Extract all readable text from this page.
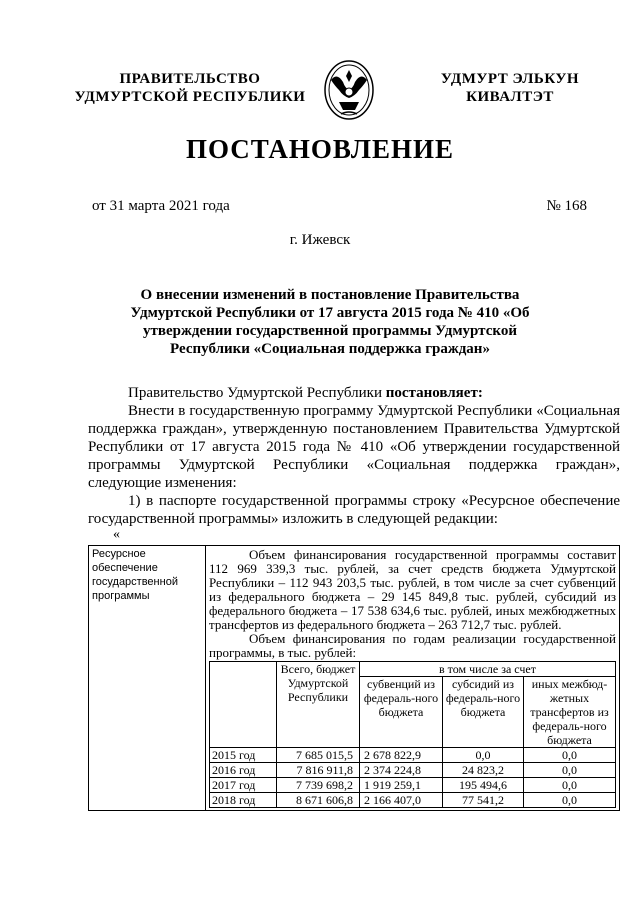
ПРАВИТЕЛЬСТВО
УДМУРТСКОЙ РЕСПУБЛИКИ
УДМУРТ ЭЛЬКУН
КИВАЛТЭТ
ПОСТАНОВЛЕНИЕ
от 31 марта 2021 года	№ 168
г. Ижевск
О внесении изменений в постановление Правительства Удмуртской Республики от 17 августа 2015 года № 410 «Об утверждении государственной программы Удмуртской Республики «Социальная поддержка граждан»

Правительство Удмуртской Республики постановляет:

Внести в государственную программу Удмуртской Республики «Социальная поддержка граждан», утвержденную постановлением Правительства Удмуртской Республики от 17 августа 2015 года № 410 «Об утверждении государственной программы Удмуртской Республики «Социальная поддержка граждан», следующие изменения:

1) в паспорте государственной программы строку «Ресурсное обеспечение государственной программы» изложить в следующей редакции:

«
Ресурсное обеспечение государственной программы	

Объем финансирования государственной программы составит 112 969 339,3 тыс. рублей, за счет средств бюджета Удмуртской Республики – 112 943 203,5 тыс. рублей, в том числе за счет субвенций из федерального бюджета – 29 145 849,8 тыс. рублей, субсидий из федерального бюджета – 17 538 634,6 тыс. рублей, иных межбюджетных трансфертов из федерального бюджета – 263 712,7 тыс. рублей.

Объем финансирования по годам реализации государственной программы, в тыс. рублей:

	Всего, бюджет Удмуртской Республики	в том числе за счет
субвенций из федераль-ного бюджета	субсидий из федераль-ного бюджета	иных межбюд-жетных трансфертов из федераль-ного бюджета
2015 год	7 685 015,5	2 678 822,9	0,0	0,0
2016 год	7 816 911,8	2 374 224,8	24 823,2	0,0
2017 год	7 739 698,2	1 919 259,1	195 494,6	0,0
2018 год	8 671 606,8	2 166 407,0	77 541,2	0,0
